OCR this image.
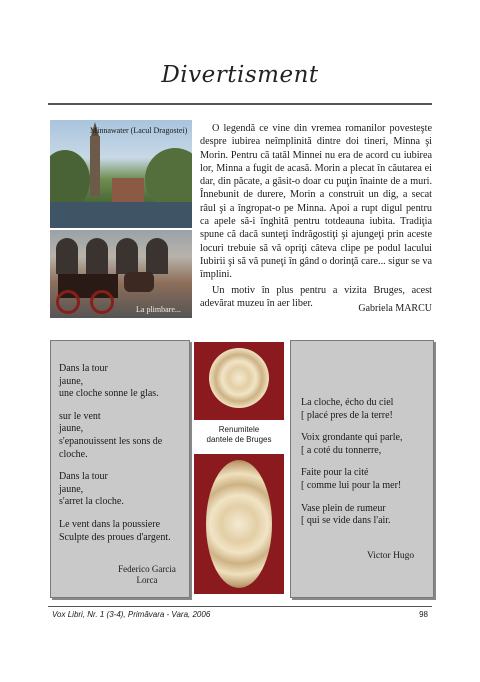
Divertisment
Minnawater (Lacul Dragostei)
La plimbare...

O legendă ce vine din vremea romanilor povesteşte despre iubirea neîmplinită dintre doi tineri, Minna şi Morin. Pentru că tatăl Minnei nu era de acord cu iubirea lor, Minna a fugit de acasă. Morin a plecat în căutarea ei dar, din păcate, a găsit-o doar cu puţin înainte de a muri. Înnebunit de durere, Morin a construit un dig, a secat râul şi a îngropat-o pe Minna. Apoi a rupt digul pentru ca apele să-i înghită pentru totdeauna iubita. Tradiţia spune că dacă sunteţi îndrăgostiţi şi ajungeţi prin aceste locuri trebuie să vă opriţi câteva clipe pe podul lacului Iubirii şi să vă puneţi în gând o dorinţă care... sigur se va împlini.

Un motiv în plus pentru a vizita Bruges, acest adevărat muzeu în aer liber.	Gabriela MARCU

Dans la tour
jaune,
une cloche sonne le glas.

sur le vent
jaune,
s'epanouissent les sons de cloche.

Dans la tour
jaune,
s'arret la cloche.

Le vent dans la poussiere
Sculpte des proues d'argent.

Federico Garcia
Lorca
Renumitele
dantele de Bruges

La cloche, écho du ciel
[ placé pres de la terre!

Voix grondante qui parle,
[ a coté du tonnerre,

Faite pour la cité
[ comme lui pour la mer!

Vase plein de rumeur
[ qui se vide dans l'air.

Victor Hugo
Vox Libri, Nr. 1 (3-4), Primăvara - Vara, 2006	98
